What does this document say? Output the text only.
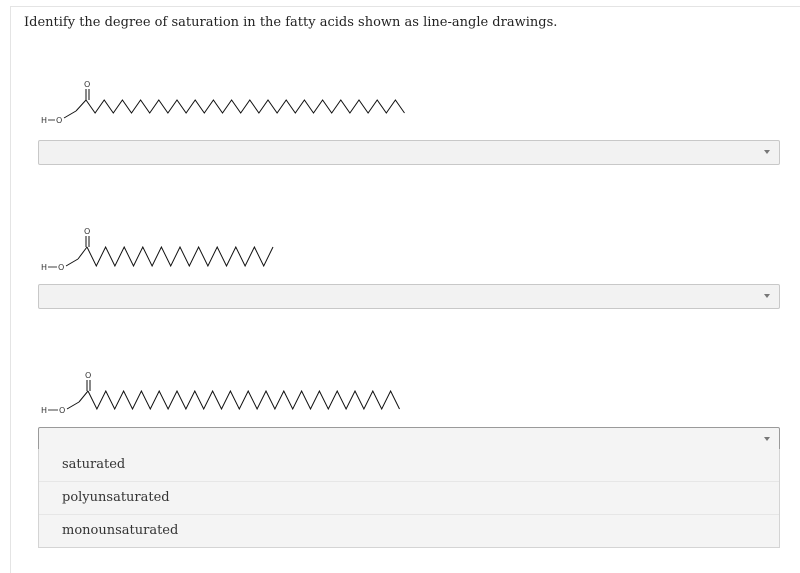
Identify the degree of saturation in the fatty acids shown as line-angle drawings.

H O
O
H O
O
H O
O
saturated
polyunsaturated
monounsaturated
